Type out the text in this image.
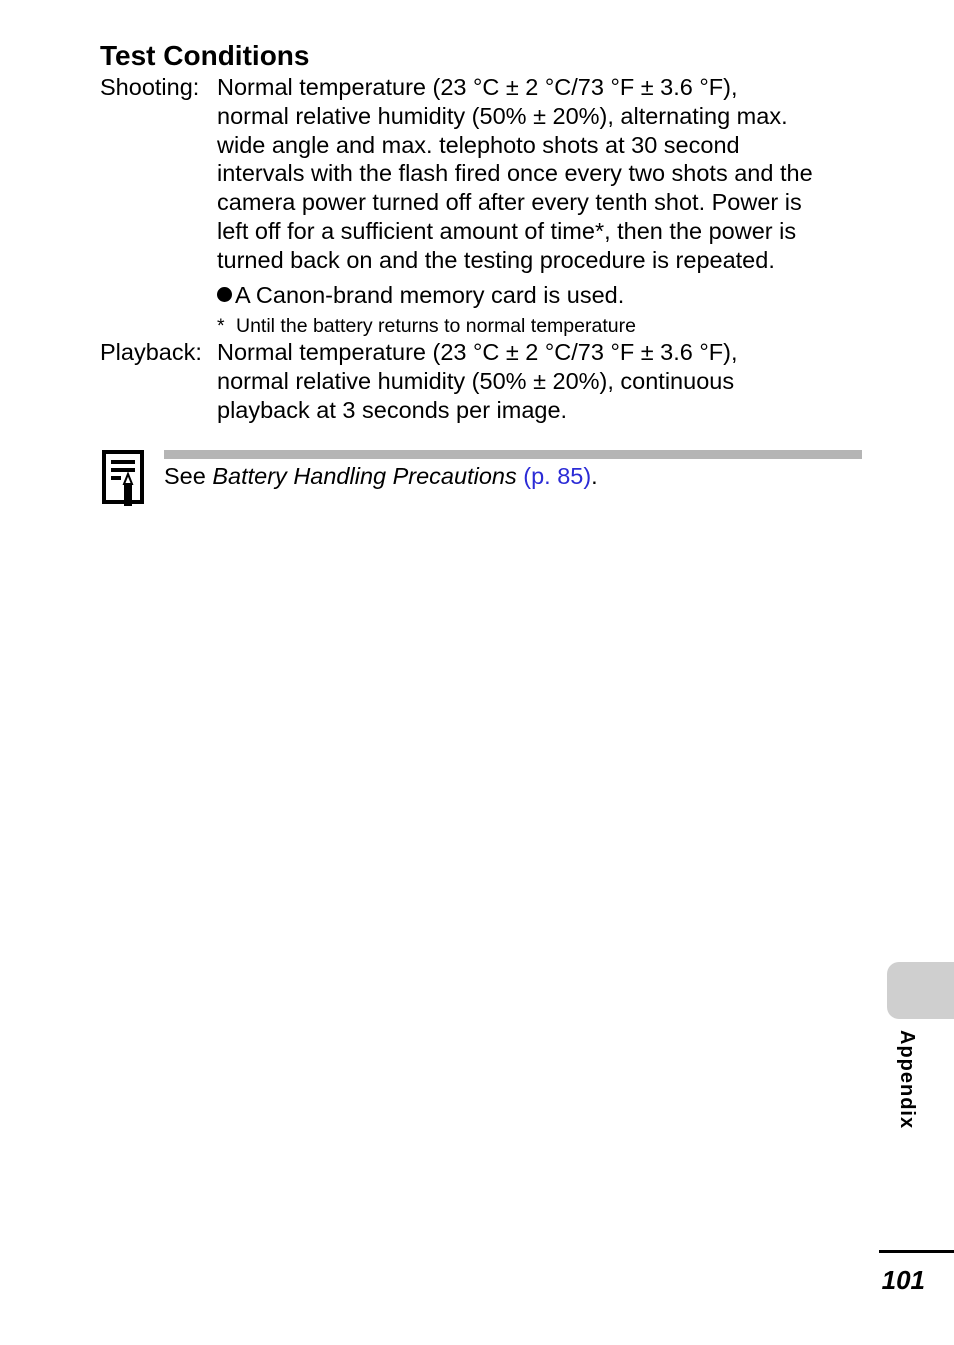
Test Conditions
Shooting: Normal temperature (23 °C ± 2 °C/73 °F ± 3.6 °F),
normal relative humidity (50% ± 20%), alternating max.
wide angle and max. telephoto shots at 30 second
intervals with the flash fired once every two shots and the
camera power turned off after every tenth shot. Power is
left off for a sufficient amount of time*, then the power is
turned back on and the testing procedure is repeated.
A Canon-brand memory card is used.
* Until the battery returns to normal temperature
Playback: Normal temperature (23 °C ± 2 °C/73 °F ± 3.6 °F),
normal relative humidity (50% ± 20%), continuous
playback at 3 seconds per image.
See Battery Handling Precautions (p. 85).
Appendix
101
